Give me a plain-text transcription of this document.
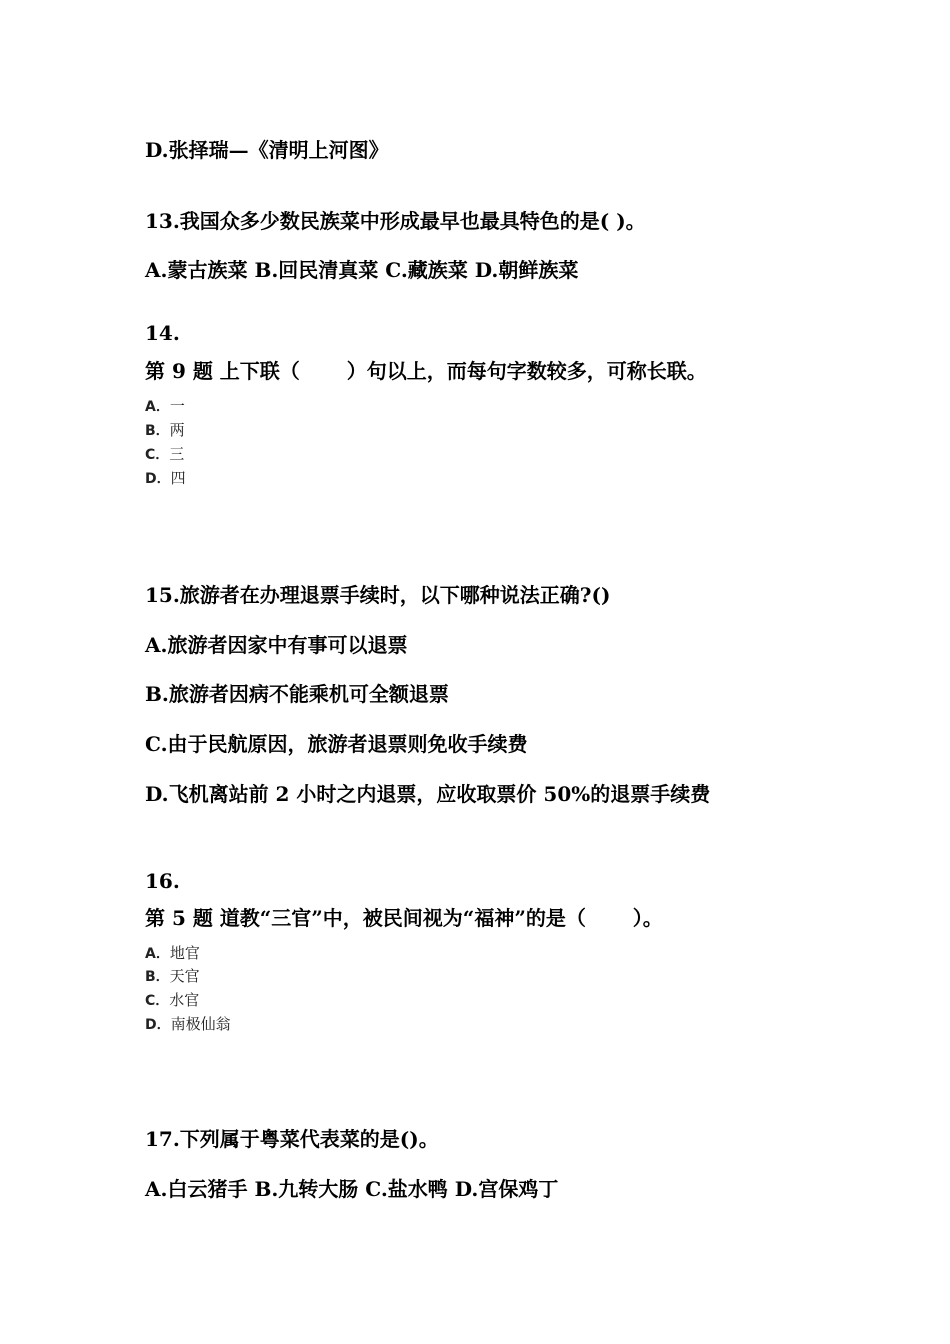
D.张择瑞—《清明上河图》
13.我国众多少数民族菜中形成最早也最具特色的是( )。
A.蒙古族菜 B.回民清真菜 C.藏族菜 D.朝鲜族菜
14.
第 9 题 上下联（　　 ）句以上，而每句字数较多，可称长联。
A．一
B．两
C．三
D．四
15.旅游者在办理退票手续时，以下哪种说法正确?()
A.旅游者因家中有事可以退票
B.旅游者因病不能乘机可全额退票
C.由于民航原因，旅游者退票则免收手续费
D.飞机离站前 2 小时之内退票，应收取票价 50%的退票手续费
16.
第 5 题 道教“三官”中，被民间视为“福神”的是（　　 ）。
A．地官
B．天官
C．水官
D．南极仙翁
17.下列属于粤菜代表菜的是()。
A.白云猪手 B.九转大肠 C.盐水鸭 D.宫保鸡丁
